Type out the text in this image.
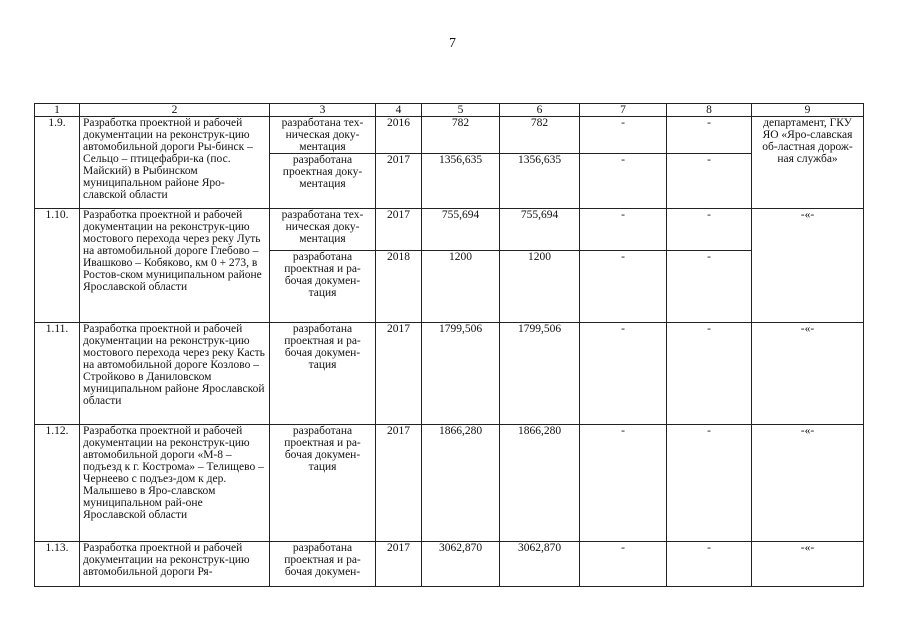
7
1	2	3	4	5	6	7	8	9
1.9.	Разработка проектной и рабочей документации на реконструк-цию автомобильной дороги Ры-бинск – Сельцо – птицефабри-ка (пос. Майский) в Рыбинском муниципальном районе Яро-славской области	разработана тех-ническая доку-ментация	2016	782	782	-	-	департамент, ГКУ ЯО «Яро-славская об-ластная дорож-ная служба»
		разработана проектная доку-ментация	2017	1356,635	1356,635	-	-	
1.10.	Разработка проектной и рабочей документации на реконструк-цию мостового перехода через реку Луть на автомобильной дороге Глебово – Ивашково – Кобяково, км 0 + 273, в Ростов-ском муниципальном районе Ярославской области	разработана тех-ническая доку-ментация	2017	755,694	755,694	-	-	-«-
		разработана проектная и ра-бочая докумен-тация	2018	1200	1200	-	-	
1.11.	Разработка проектной и рабочей документации на реконструк-цию мостового перехода через реку Касть на автомобильной дороге Козлово – Стройково в Даниловском муниципальном районе Ярославской области	разработана проектная и ра-бочая докумен-тация	2017	1799,506	1799,506	-	-	-«-
1.12.	Разработка проектной и рабочей документации на реконструк-цию автомобильной дороги «М-8 – подъезд к г. Кострома» – Телищево – Чернеево с подъез-дом к дер. Малышево в Яро-славском муниципальном рай-оне Ярославской области	разработана проектная и ра-бочая докумен-тация	2017	1866,280	1866,280	-	-	-«-
1.13.	Разработка проектной и рабочей документации на реконструк-цию автомобильной дороги Ря-	разработана проектная и ра-бочая докумен-	2017	3062,870	3062,870	-	-	-«-
